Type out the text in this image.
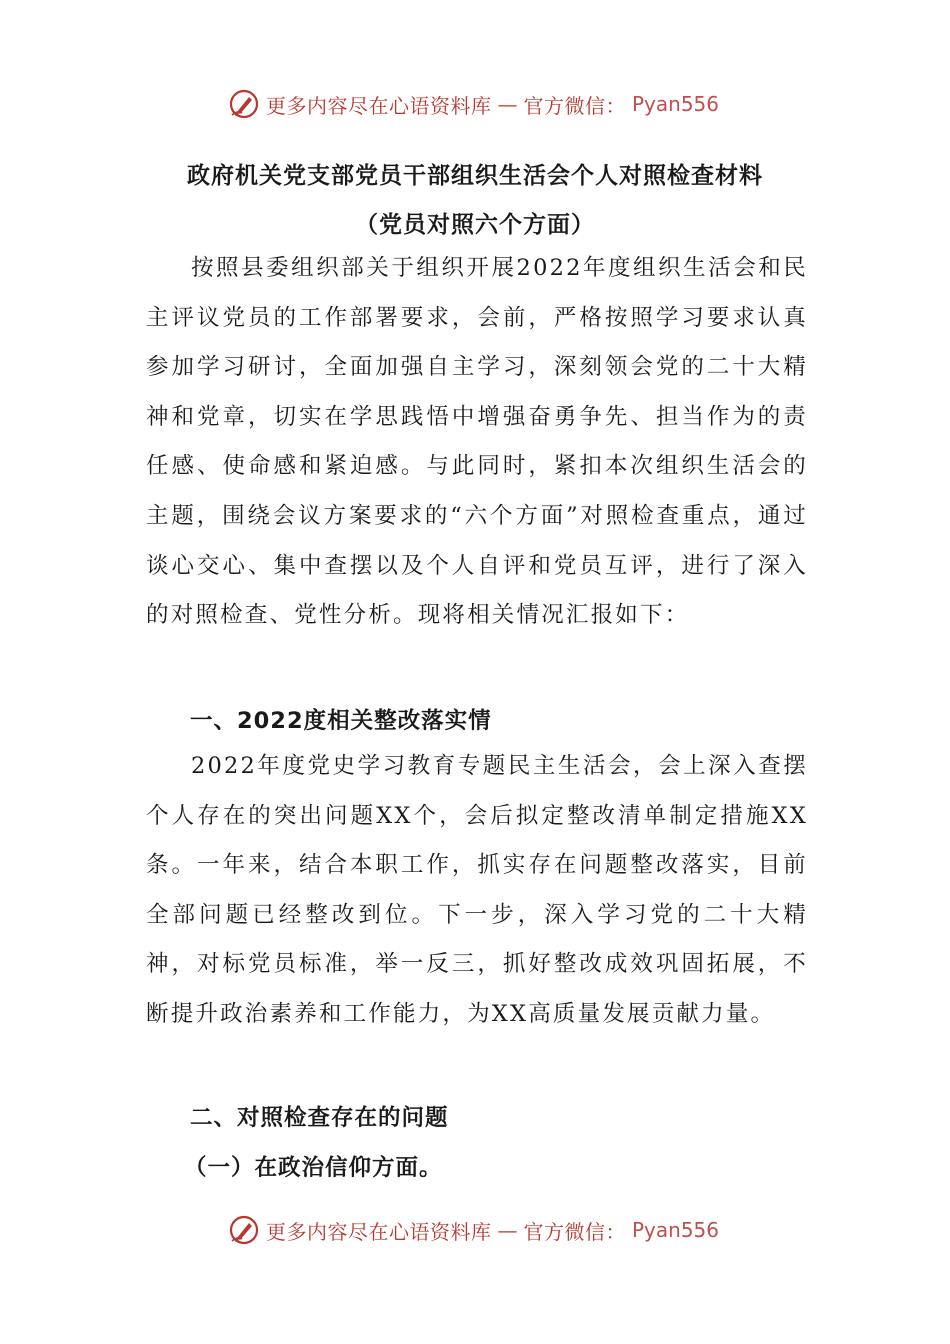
更多内容尽在心语资料库 — 官方微信： Pyan556
政府机关党支部党员干部组织生活会个人对照检查材料
（党员对照六个方面）

按照县委组织部关于组织开展2022年度组织生活会和民主评议党员的工作部署要求，会前，严格按照学习要求认真参加学习研讨，全面加强自主学习，深刻领会党的二十大精神和党章，切实在学思践悟中增强奋勇争先、担当作为的责任感、使命感和紧迫感。与此同时，紧扣本次组织生活会的主题，围绕会议方案要求的“六个方面”对照检查重点，通过谈心交心、集中查摆以及个人自评和党员互评，进行了深入的对照检查、党性分析。现将相关情况汇报如下：

一、2022度相关整改落实情

2022年度党史学习教育专题民主生活会，会上深入查摆个人存在的突出问题XX个，会后拟定整改清单制定措施XX条。一年来，结合本职工作，抓实存在问题整改落实，目前全部问题已经整改到位。下一步，深入学习党的二十大精神，对标党员标准，举一反三，抓好整改成效巩固拓展，不断提升政治素养和工作能力，为XX高质量发展贡献力量。

二、对照检查存在的问题
（一）在政治信仰方面。
更多内容尽在心语资料库 — 官方微信： Pyan556
